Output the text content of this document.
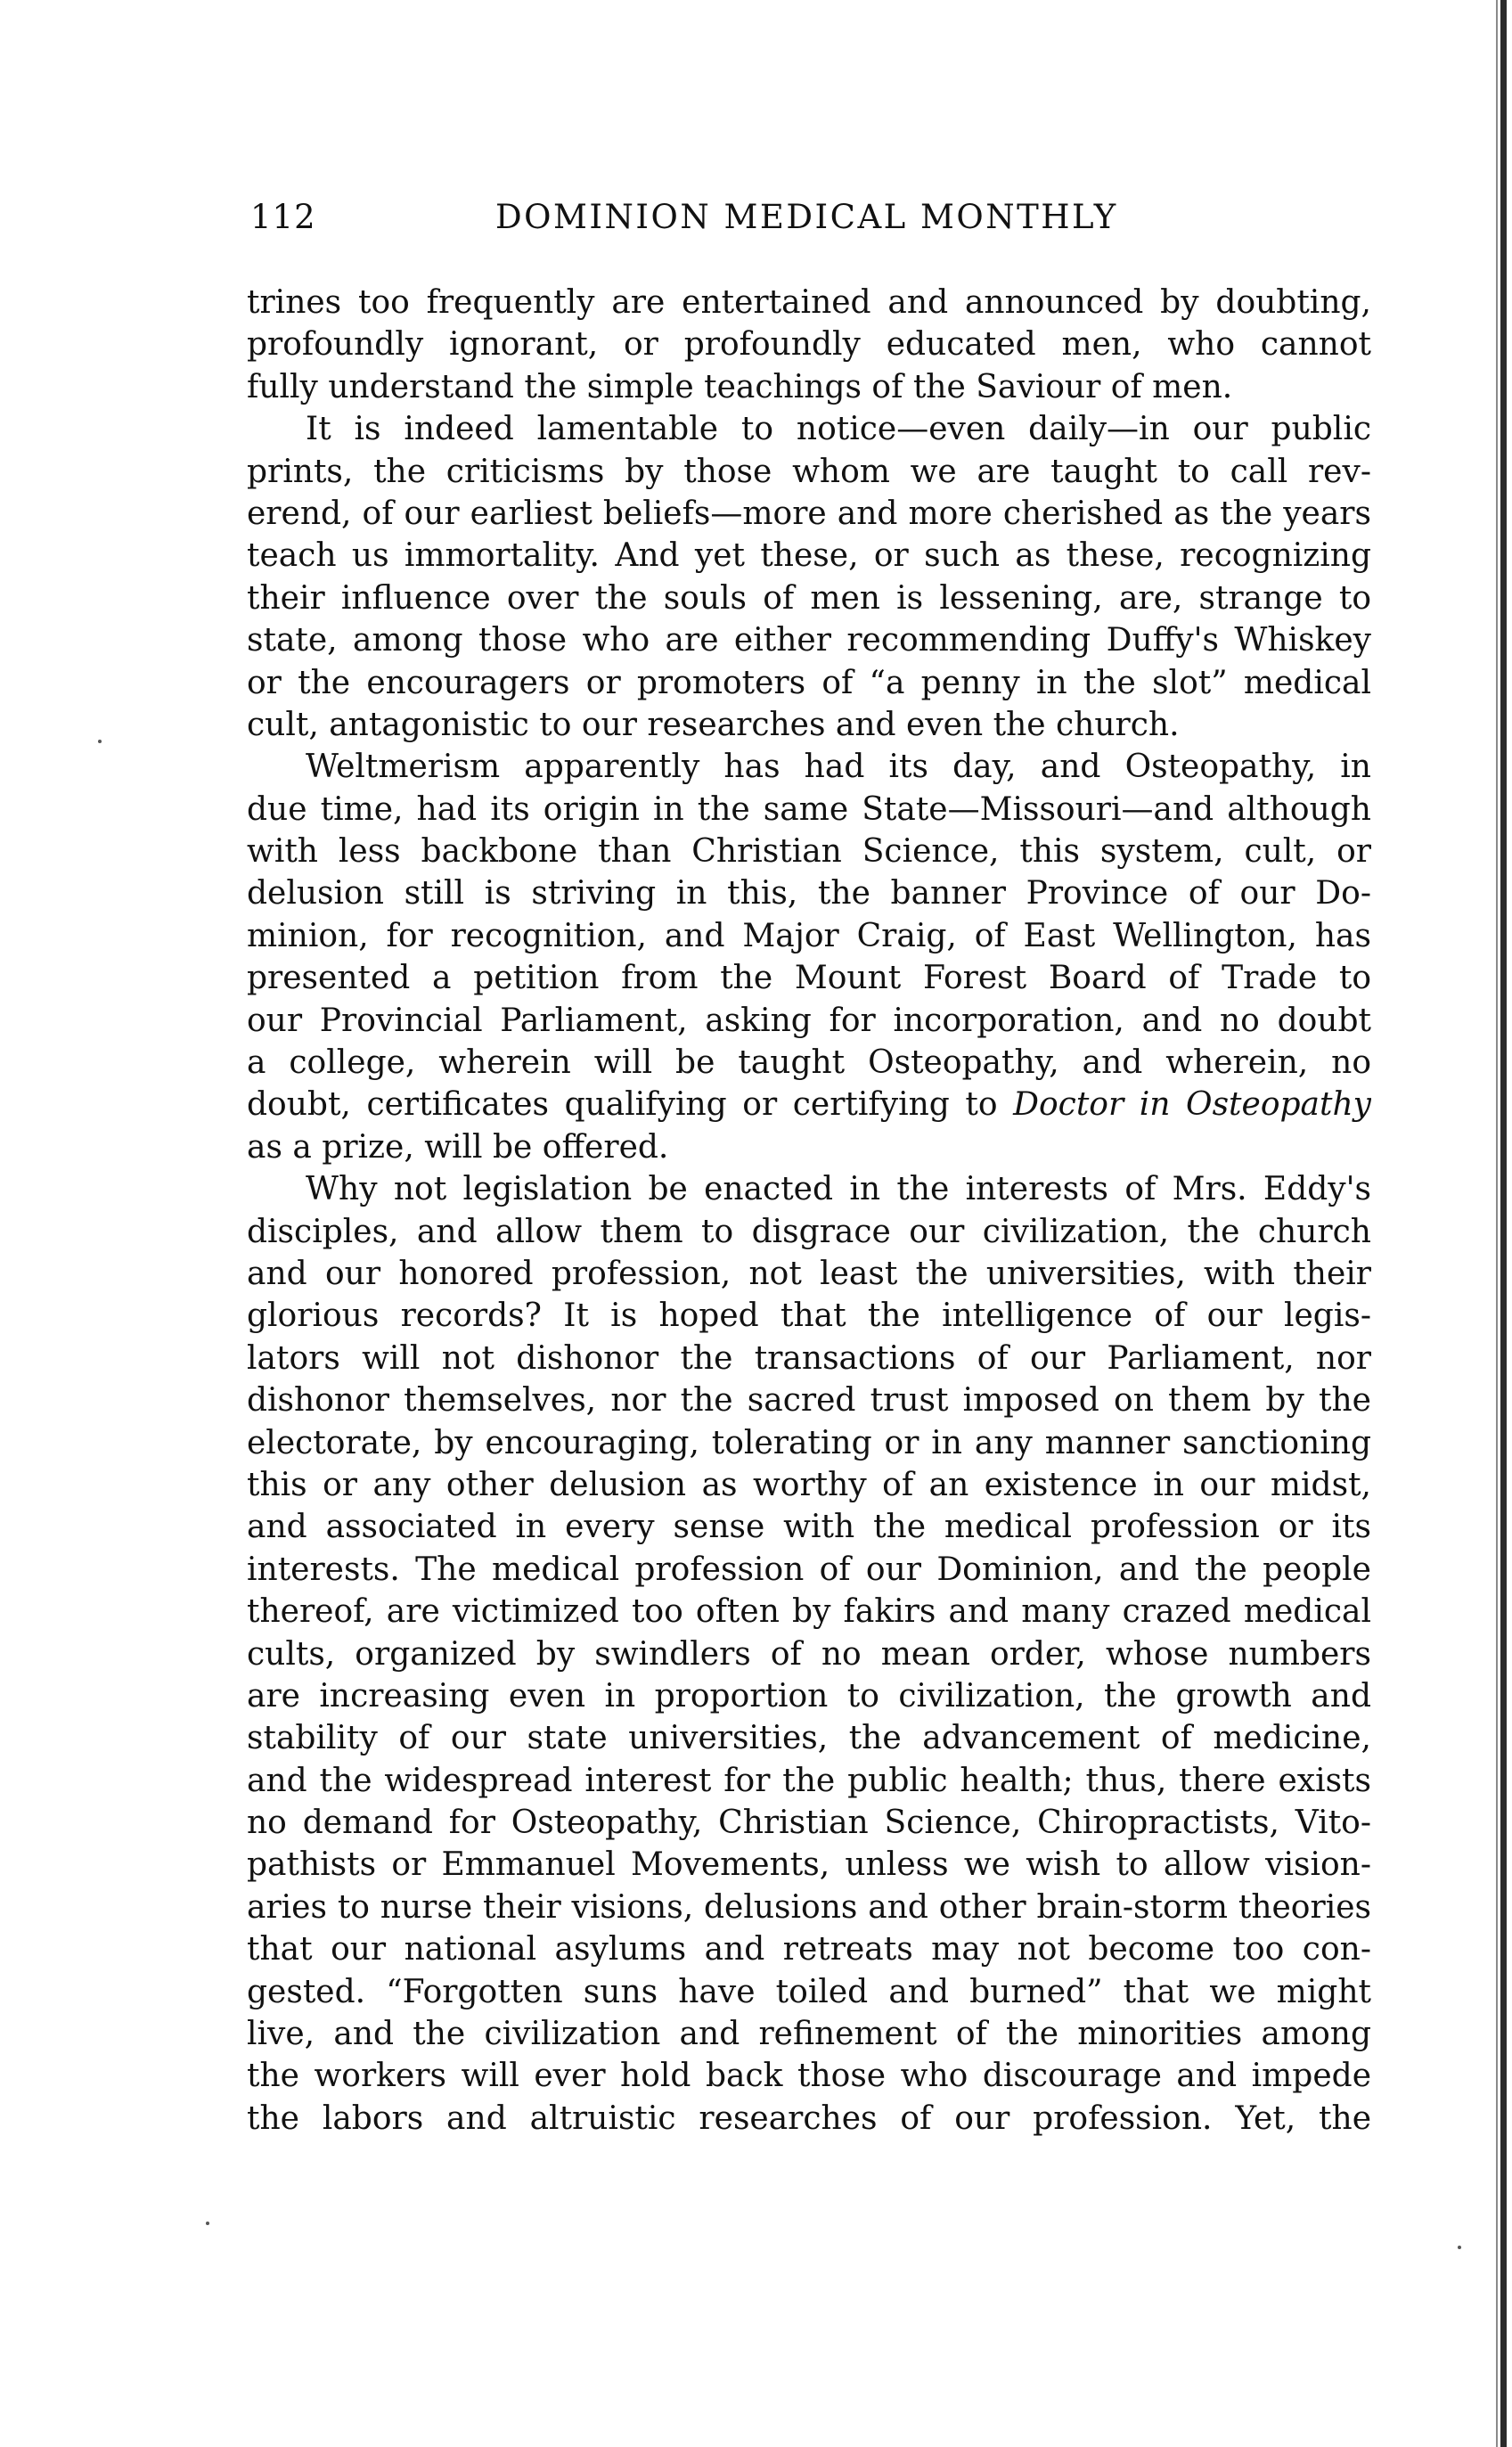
112	DOMINION MEDICAL MONTHLY
trines too frequently are entertained and announced by doubting,
profoundly ignorant, or profoundly educated men, who cannot
fully understand the simple teachings of the Saviour of men.
It is indeed lamentable to notice—even daily—in our public
prints, the criticisms by those whom we are taught to call rev-
erend, of our earliest beliefs—more and more cherished as the years
teach us immortality. And yet these, or such as these, recognizing
their influence over the souls of men is lessening, are, strange to
state, among those who are either recommending Duffy's Whiskey
or the encouragers or promoters of “a penny in the slot” medical
cult, antagonistic to our researches and even the church.
Weltmerism apparently has had its day, and Osteopathy, in
due time, had its origin in the same State—Missouri—and although
with less backbone than Christian Science, this system, cult, or
delusion still is striving in this, the banner Province of our Do-
minion, for recognition, and Major Craig, of East Wellington, has
presented a petition from the Mount Forest Board of Trade to
our Provincial Parliament, asking for incorporation, and no doubt
a college, wherein will be taught Osteopathy, and wherein, no
doubt, certificates qualifying or certifying to Doctor in Osteopathy
as a prize, will be offered.
Why not legislation be enacted in the interests of Mrs. Eddy's
disciples, and allow them to disgrace our civilization, the church
and our honored profession, not least the universities, with their
glorious records? It is hoped that the intelligence of our legis-
lators will not dishonor the transactions of our Parliament, nor
dishonor themselves, nor the sacred trust imposed on them by the
electorate, by encouraging, tolerating or in any manner sanctioning
this or any other delusion as worthy of an existence in our midst,
and associated in every sense with the medical profession or its
interests. The medical profession of our Dominion, and the people
thereof, are victimized too often by fakirs and many crazed medical
cults, organized by swindlers of no mean order, whose numbers
are increasing even in proportion to civilization, the growth and
stability of our state universities, the advancement of medicine,
and the widespread interest for the public health; thus, there exists
no demand for Osteopathy, Christian Science, Chiropractists, Vito-
pathists or Emmanuel Movements, unless we wish to allow vision-
aries to nurse their visions, delusions and other brain-storm theories
that our national asylums and retreats may not become too con-
gested. “Forgotten suns have toiled and burned” that we might
live, and the civilization and refinement of the minorities among
the workers will ever hold back those who discourage and impede
the labors and altruistic researches of our profession. Yet, the
